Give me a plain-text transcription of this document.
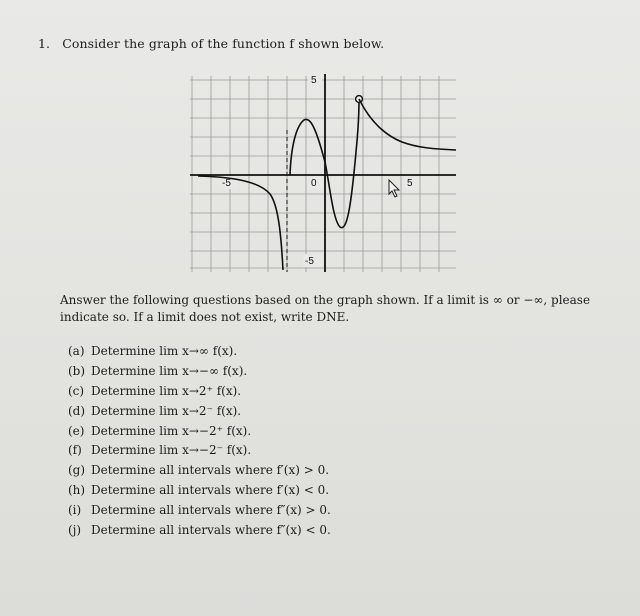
1. Consider the graph of the function f shown below.
5
-5
-5	0	5
Answer the following questions based on the graph shown. If a limit is ∞ or −∞, please indicate so. If a limit does not exist, write DNE.
(a) Determine lim x→∞ f(x).
(b) Determine lim x→−∞ f(x).
(c) Determine lim x→2⁺ f(x).
(d) Determine lim x→2⁻ f(x).
(e) Determine lim x→−2⁺ f(x).
(f) Determine lim x→−2⁻ f(x).
(g) Determine all intervals where f′(x) > 0.
(h) Determine all intervals where f′(x) < 0.
(i) Determine all intervals where f″(x) > 0.
(j) Determine all intervals where f″(x) < 0.
